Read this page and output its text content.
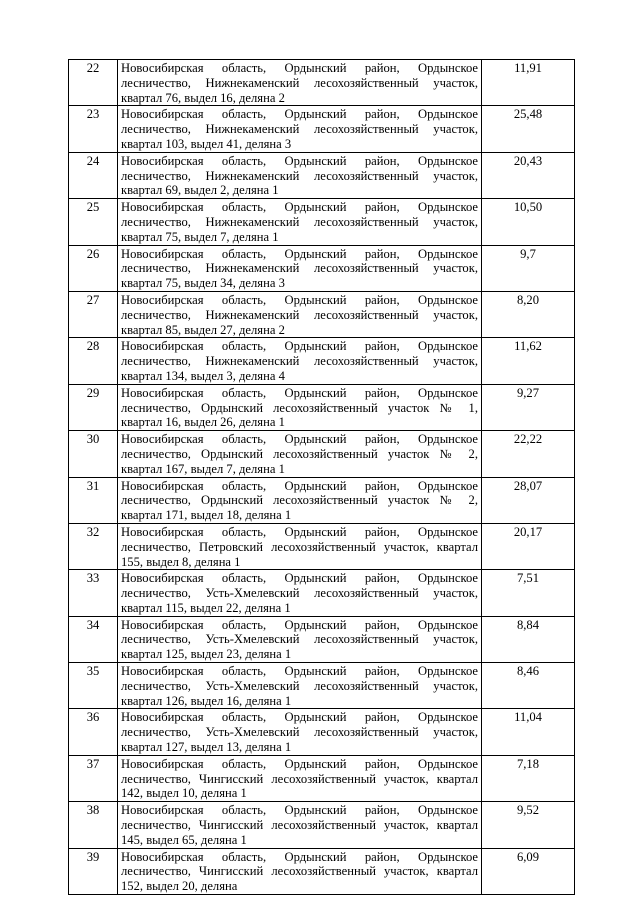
22	Новосибирская область, Ордынский район, Ордынское лесничество, Нижнекаменский лесохозяйственный участок, квартал 76, выдел 16, деляна 2	11,91
23	Новосибирская область, Ордынский район, Ордынское лесничество, Нижнекаменский лесохозяйственный участок, квартал 103, выдел 41, деляна 3	25,48
24	Новосибирская область, Ордынский район, Ордынское лесничество, Нижнекаменский лесохозяйственный участок, квартал 69, выдел 2, деляна 1	20,43
25	Новосибирская область, Ордынский район, Ордынское лесничество, Нижнекаменский лесохозяйственный участок, квартал 75, выдел 7, деляна 1	10,50
26	Новосибирская область, Ордынский район, Ордынское лесничество, Нижнекаменский лесохозяйственный участок, квартал 75, выдел 34, деляна 3	9,7
27	Новосибирская область, Ордынский район, Ордынское лесничество, Нижнекаменский лесохозяйственный участок, квартал 85, выдел 27, деляна 2	8,20
28	Новосибирская область, Ордынский район, Ордынское лесничество, Нижнекаменский лесохозяйственный участок, квартал 134, выдел 3, деляна 4	11,62
29	Новосибирская область, Ордынский район, Ордынское лесничество, Ордынский лесохозяйственный участок № 1, квартал 16, выдел 26, деляна 1	9,27
30	Новосибирская область, Ордынский район, Ордынское лесничество, Ордынский лесохозяйственный участок № 2, квартал 167, выдел 7, деляна 1	22,22
31	Новосибирская область, Ордынский район, Ордынское лесничество, Ордынский лесохозяйственный участок № 2, квартал 171, выдел 18, деляна 1	28,07
32	Новосибирская область, Ордынский район, Ордынское лесничество, Петровский лесохозяйственный участок, квартал 155, выдел 8, деляна 1	20,17
33	Новосибирская область, Ордынский район, Ордынское лесничество, Усть-Хмелевский лесохозяйственный участок, квартал 115, выдел 22, деляна 1	7,51
34	Новосибирская область, Ордынский район, Ордынское лесничество, Усть-Хмелевский лесохозяйственный участок, квартал 125, выдел 23, деляна 1	8,84
35	Новосибирская область, Ордынский район, Ордынское лесничество, Усть-Хмелевский лесохозяйственный участок, квартал 126, выдел 16, деляна 1	8,46
36	Новосибирская область, Ордынский район, Ордынское лесничество, Усть-Хмелевский лесохозяйственный участок, квартал 127, выдел 13, деляна 1	11,04
37	Новосибирская область, Ордынский район, Ордынское лесничество, Чингисский лесохозяйственный участок, квартал 142, выдел 10, деляна 1	7,18
38	Новосибирская область, Ордынский район, Ордынское лесничество, Чингисский лесохозяйственный участок, квартал 145, выдел 65, деляна 1	9,52
39	Новосибирская область, Ордынский район, Ордынское лесничество, Чингисский лесохозяйственный участок, квартал 152, выдел 20, деляна	6,09
